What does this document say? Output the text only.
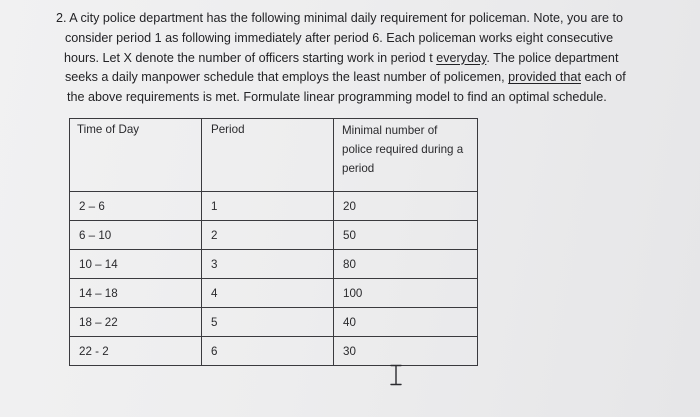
2. A city police department has the following minimal daily requirement for policeman. Note, you are to
consider period 1 as following immediately after period 6. Each policeman works eight consecutive
hours. Let X denote the number of officers starting work in period t everyday. The police department
seeks a daily manpower schedule that employs the least number of policemen, provided that each of
the above requirements is met. Formulate linear programming model to find an optimal schedule.
Time of Day	Period	Minimal number of
police required during a
period

2 – 6	1	20
6 – 10	2	50
10 – 14	3	80
14 – 18	4	100
18 – 22	5	40
22 - 2	6	30
